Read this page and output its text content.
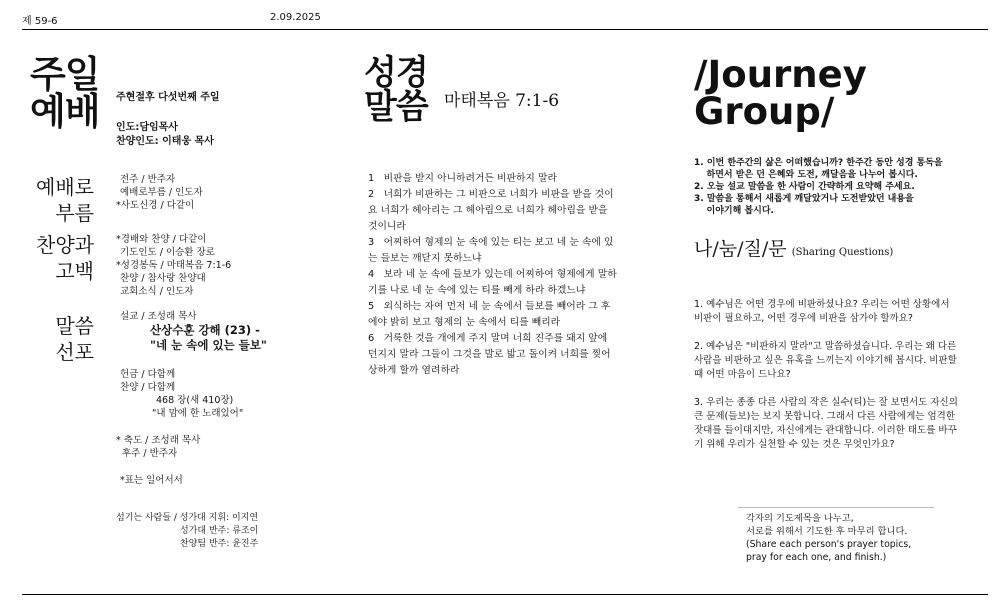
제 59-6	2.09.2025
주일
예배 주현절후 다섯번째 주일
인도:담임목사
찬양인도: 이태웅 목사
예배로
부름
찬양과
고백
말씀
선포
전주 / 반주자
예배로부름 / 인도자
*사도신경 / 다같이
*경배와 찬양 / 다같이
기도인도 / 이승환 장로
*성경봉독 / 마태복음 7:1-6
찬양 / 참사랑 찬양대
교회소식 / 인도자
설교 / 조성래 목사
산상수훈 강해 (23) -
"네 눈 속에 있는 들보"
헌금 / 다함께
찬양 / 다함께
468 장(새 410장)
"내 맘에 한 노래있어"
* 축도 / 조성래 목사
후주 / 반주자
*표는 일어서서
섬기는 사람들 / 성가대 지휘: 이지연
성가대 반주: 류조이
찬양팀 반주: 윤진주
성경
말씀 마태복음 7:1-6
1   비판을 받지 아니하려거든 비판하지 말라
2   너희가 비판하는 그 비판으로 너희가 비판을 받을 것이
요 너희가 헤아리는 그 헤아림으로 너희가 헤아림을 받을
것이니라
3   어찌하여 형제의 눈 속에 있는 티는 보고 네 눈 속에 있
는 들보는 깨닫지 못하느냐
4   보라 네 눈 속에 들보가 있는데 어찌하여 형제에게 말하
기를 나로 네 눈 속에 있는 티를 빼게 하라 하겠느냐
5   외식하는 자여 먼저 네 눈 속에서 들보를 빼어라 그 후
에야 밝히 보고 형제의 눈 속에서 티를 빼리라
6   거룩한 것을 개에게 주지 말며 너희 진주를 돼지 앞에
던지지 말라 그들이 그것을 발로 밟고 돌이켜 너희를 찢어
상하게 할까 염려하라
/Journey
Group/
1. 이번 한주간의 삶은 어떠했습니까? 한주간 동안 성경 통독을
하면서 받은 던 은혜와 도전, 깨달음을 나누어 봅시다.
2. 오늘 설교 말씀을 한 사람이 간략하게 요약해 주세요.
3. 말씀을 통해서 새롭게 깨달았거나 도전받았던 내용을
이야기해 봅시다.
나/눔/질/문 (Sharing Questions)
1. 예수님은 어떤 경우에 비판하셨나요? 우리는 어떤 상황에서
비판이 필요하고, 어떤 경우에 비판을 삼가야 할까요?
2. 예수님은 "비판하지 말라"고 말씀하셨습니다. 우리는 왜 다른
사람을 비판하고 싶은 유혹을 느끼는지 이야기해 봅시다. 비판할
때 어떤 마음이 드나요?
3. 우리는 종종 다른 사람의 작은 실수(티)는 잘 보면서도 자신의
큰 문제(들보)는 보지 못합니다. 그래서 다른 사람에게는 엄격한
잣대를 들이대지만, 자신에게는 관대합니다. 이러한 태도를 바꾸
기 위해 우리가 실천할 수 있는 것은 무엇인가요?
각자의 기도제목을 나누고,
서로를 위해서 기도한 후 마무리 합니다.
(Share each person's prayer topics,
pray for each one, and finish.)
